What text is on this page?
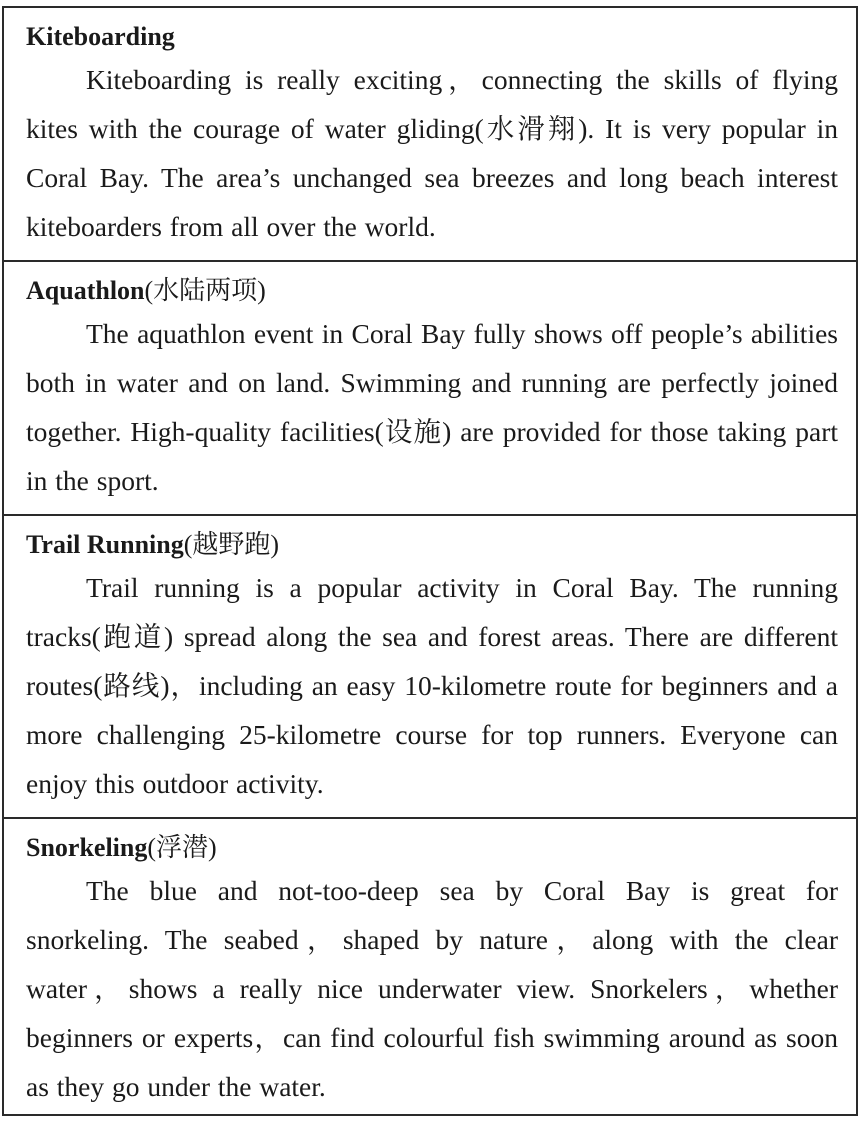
Kiteboarding
Kiteboarding is really exciting，connecting the skills of flying kites with the courage of water gliding(水滑翔). It is very popular in Coral Bay. The area’s unchanged sea breezes and long beach interest kiteboarders from all over the world.
Aquathlon(水陆两项)
The aquathlon event in Coral Bay fully shows off people’s abilities both in water and on land. Swimming and running are perfectly joined together. High-quality facilities(设施) are provided for those taking part in the sport.
Trail Running(越野跑)
Trail running is a popular activity in Coral Bay. The running tracks(跑道) spread along the sea and forest areas. There are different routes(路线)，including an easy 10-kilometre route for beginners and a more challenging 25-kilometre course for top runners. Everyone can enjoy this outdoor activity.
Snorkeling(浮潜)
The blue and not-too-deep sea by Coral Bay is great for snorkeling. The seabed，shaped by nature，along with the clear water，shows a really nice underwater view. Snorkelers，whether beginners or experts，can find colourful fish swimming around as soon as they go under the water.
